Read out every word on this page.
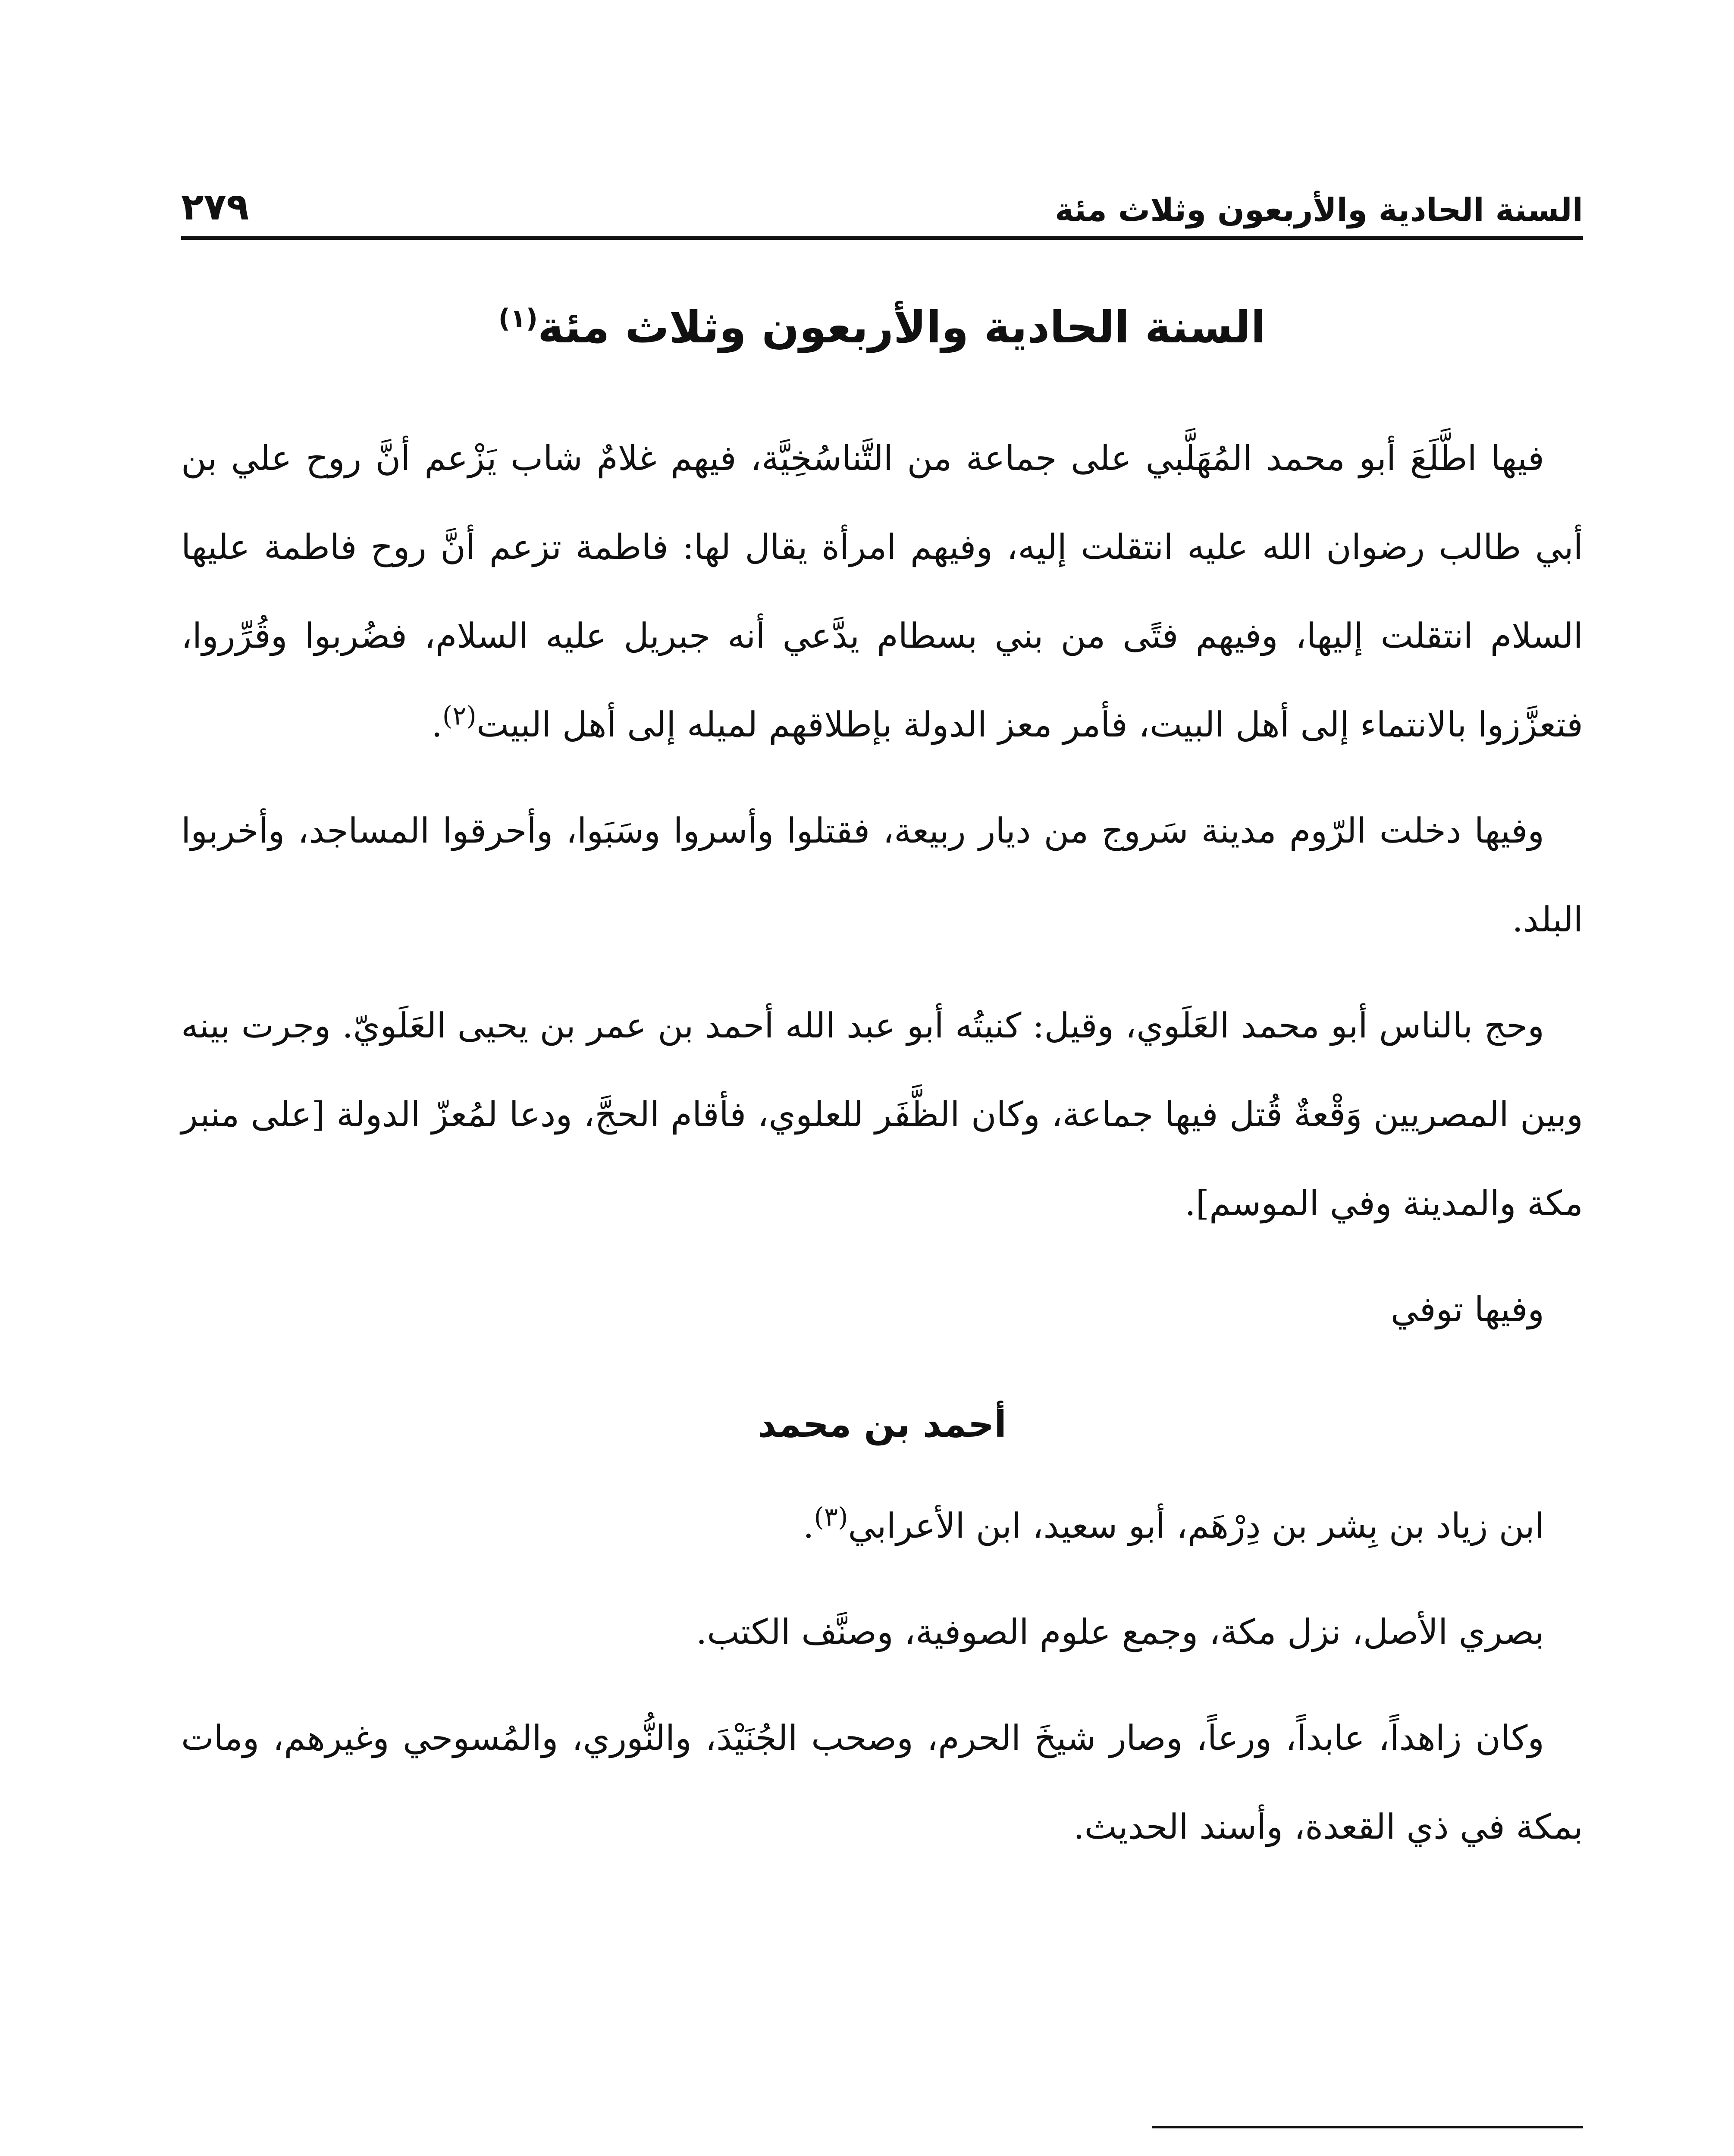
السنة الحادية والأربعون وثلاث مئة
٢٧٩
السنة الحادية والأربعون وثلاث مئة$^{(١)}$

فيها اطَّلَعَ أبو محمد المُهَلَّبي على جماعة من التَّناسُخِيَّة، فيهم غلامٌ شاب يَزْعم أنَّ روح علي بن أبي طالب رضوان الله عليه انتقلت إليه، وفيهم امرأة يقال لها: فاطمة تزعم أنَّ روح فاطمة عليها السلام انتقلت إليها، وفيهم فتًى من بني بسطام يدَّعي أنه جبريل عليه السلام، فضُربوا وقُرِّروا، فتعزَّزوا بالانتماء إلى أهل البيت، فأمر معز الدولة بإطلاقهم لميله إلى أهل البيت$^{(٢)}$.

وفيها دخلت الرّوم مدينة سَروج من ديار ربيعة، فقتلوا وأسروا وسَبَوا، وأحرقوا المساجد، وأخربوا البلد.

وحج بالناس أبو محمد العَلَوي، وقيل: كنيتُه أبو عبد الله أحمد بن عمر بن يحيى العَلَويّ. وجرت بينه وبين المصريين وَقْعةٌ قُتل فيها جماعة، وكان الظَّفَر للعلوي، فأقام الحجَّ، ودعا لمُعزّ الدولة [على منبر مكة والمدينة وفي الموسم].

وفيها توفي

أحمد بن محمد

ابن زياد بن بِشر بن دِرْهَم، أبو سعيد، ابن الأعرابي$^{(٣)}$.

بصري الأصل، نزل مكة، وجمع علوم الصوفية، وصنَّف الكتب.

وكان زاهداً، عابداً، ورعاً، وصار شيخَ الحرم، وصحب الجُنَيْدَ، والنُّوري، والمُسوحي وغيرهم، ومات بمكة في ذي القعدة، وأسند الحديث.
